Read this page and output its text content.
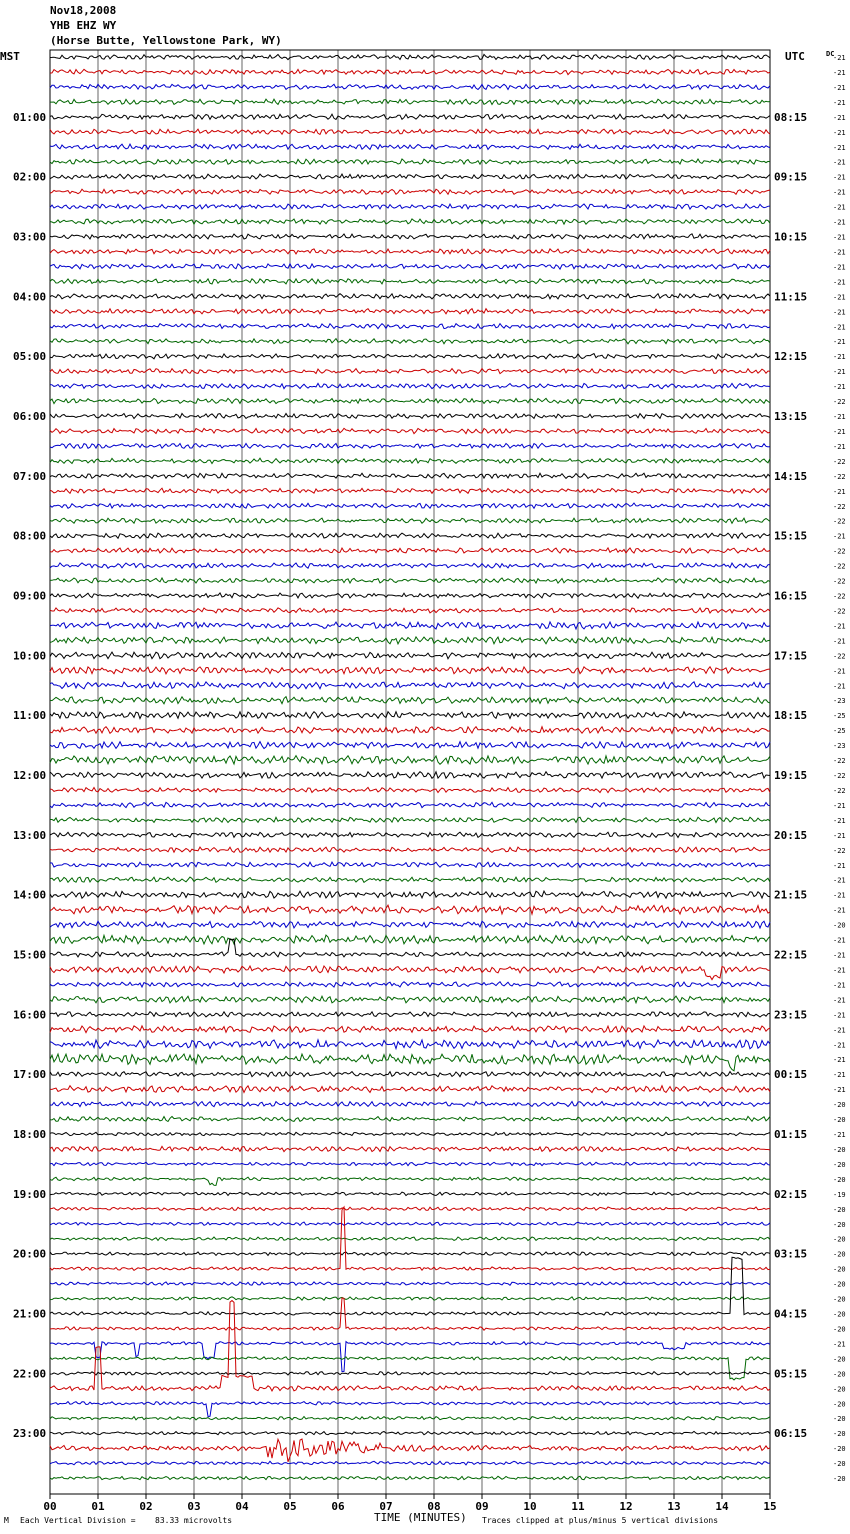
Nov18,2008
YHB EHZ WY
(Horse Butte, Yellowstone Park, WY)
MST	UTC	DC
00	01	02	03	04	05	06	07	08	09	10	11	12	13	14	15
-21
-21
-21
-21
-21
01:00	08:15
-21
-21
-21
-21
02:00	09:15
-21
-21
-21
-21
03:00	10:15
-21
-21
-21
-21
04:00	11:15
-21
-21
-21
-21
05:00	12:15
-21
-21
-22
-21
06:00	13:15
-21
-21
-22
-22
07:00	14:15
-21
-22
-22
-21
08:00	15:15
-22
-22
-22
-22
09:00	16:15
-22
-21
-21
-22
10:00	17:15
-21
-21
-23
-25
11:00	18:15
-25
-23
-22
-22
12:00	19:15
-22
-21
-21
-21
13:00	20:15
-22
-21
-21
-21
14:00	21:15
-21
-20
-21
-21
15:00	22:15
-21
-21
-21
-21
16:00	23:15
-21
-21
-21
-21
17:00	00:15
-21
-20
-20
-21
18:00	01:15
-20
-20
-20
-19
19:00	02:15
-20
-20
-20
-20
20:00	03:15
-20
-20
-20
-20
21:00	04:15
-20
-21
-20
-20
22:00	05:15
-20
-20
-20
-20
23:00	06:15
-20
-20
-20
M Each Vertical Division = 83.33 microvolts	TIME (MINUTES) Traces clipped at plus/minus 5 vertical divisions
